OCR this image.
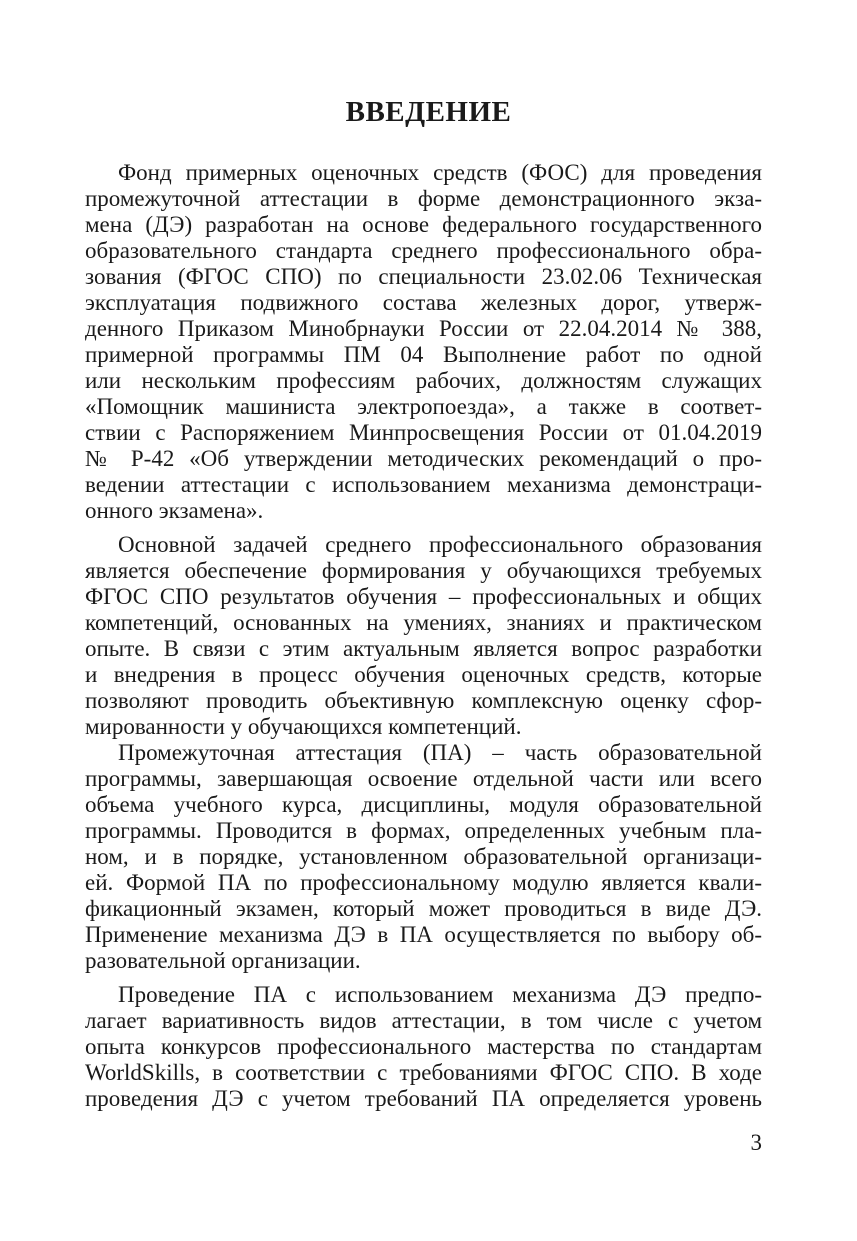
ВВЕДЕНИЕ
Фонд примерных оценочных средств (ФОС) для проведения
промежуточной аттестации в форме демонстрационного экза-
мена (ДЭ) разработан на основе федерального государственного
образовательного стандарта среднего профессионального обра-
зования (ФГОС СПО) по специальности 23.02.06 Техническая
эксплуатация подвижного состава железных дорог, утверж-
денного Приказом Минобрнауки России от 22.04.2014 № 388,
примерной программы ПМ 04 Выполнение работ по одной
или нескольким профессиям рабочих, должностям служащих
«Помощник машиниста электропоезда», а также в соответ-
ствии с Распоряжением Минпросвещения России от 01.04.2019
№ Р-42 «Об утверждении методических рекомендаций о про-
ведении аттестации с использованием механизма демонстраци-
онного экзамена».
Основной задачей среднего профессионального образования
является обеспечение формирования у обучающихся требуемых
ФГОС СПО результатов обучения – профессиональных и общих
компетенций, основанных на умениях, знаниях и практическом
опыте. В связи с этим актуальным является вопрос разработки
и внедрения в процесс обучения оценочных средств, которые
позволяют проводить объективную комплексную оценку сфор-
мированности у обучающихся компетенций.
Промежуточная аттестация (ПА) – часть образовательной
программы, завершающая освоение отдельной части или всего
объема учебного курса, дисциплины, модуля образовательной
программы. Проводится в формах, определенных учебным пла-
ном, и в порядке, установленном образовательной организаци-
ей. Формой ПА по профессиональному модулю является квали-
фикационный экзамен, который может проводиться в виде ДЭ.
Применение механизма ДЭ в ПА осуществляется по выбору об-
разовательной организации.
Проведение ПА с использованием механизма ДЭ предпо-
лагает вариативность видов аттестации, в том числе с учетом
опыта конкурсов профессионального мастерства по стандартам
WorldSkills, в соответствии с требованиями ФГОС СПО. В ходе
проведения ДЭ с учетом требований ПА определяется уровень
3
